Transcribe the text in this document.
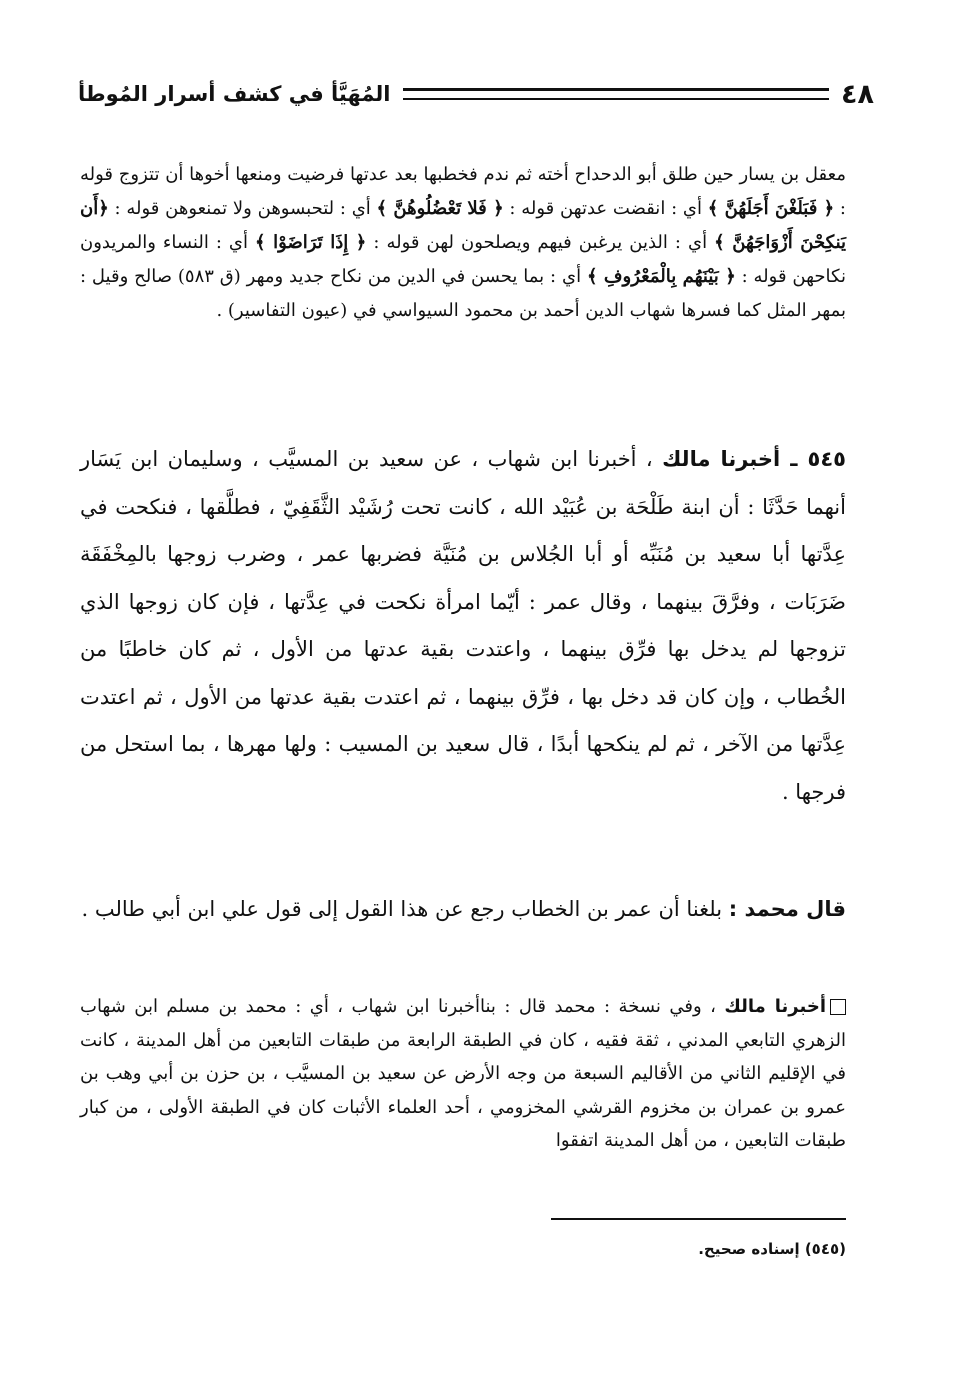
٤٨
المُهَيَّأ في كشف أسرار المُوطأ

معقل بن يسار حين طلق أبو الدحداح أخته ثم ندم فخطبها بعد عدتها فرضيت ومنعها أخوها أن تتزوج قوله : ﴿ فَبَلَغْنَ أَجَلَهُنَّ ﴾ أي : انقضت عدتهن قوله : ﴿ فَلا تَعْضُلُوهُنَّ ﴾ أي : لتحبسوهن ولا تمنعوهن قوله : ﴿أَن يَنكِحْنَ أَزْوَاجَهُنَّ ﴾ أي : الذين يرغبن فيهم ويصلحون لهن قوله : ﴿ إِذَا تَرَاضَوْا ﴾ أي : النساء والمريدون نكاحهن قوله : ﴿ بَيْنَهُم بِالْمَعْرُوفِ ﴾ أي : بما يحسن في الدين من نكاح جديد ومهر (ق ٥٨٣) صالح وقيل : بمهر المثل كما فسرها شهاب الدين أحمد بن محمود السيواسي في (عيون التفاسير) .

٥٤٥ ـ أخبرنا مالك ، أخبرنا ابن شهاب ، عن سعيد بن المسيَّب ، وسليمان ابن يَسَار أنهما حَدَّثَا : أن ابنة طَلْحَة بن عُبَيْد الله ، كانت تحت رُشَيْد الثَّقَفِيّ ، فطلَّقها ، فنكحت في عِدَّتها أبا سعيد بن مُنَبِّه أو أبا الجُلاس بن مُنَيَّة فضربها عمر ، وضرب زوجها بالمِخْفَقَة ضَرَبَات ، وفرَّقَ بينهما ، وقال عمر : أيّما امرأة نكحت في عِدَّتها ، فإن كان زوجها الذي تزوجها لم يدخل بها فرِّق بينهما ، واعتدت بقية عدتها من الأول ، ثم كان خاطبًا من الخُطاب ، وإن كان قد دخل بها ، فرِّق بينهما ، ثم اعتدت بقية عدتها من الأول ، ثم اعتدت عِدَّتها من الآخر ، ثم لم ينكحها أبدًا ، قال سعيد بن المسيب : ولها مهرها ، بما استحل من فرجها .

قال محمد : بلغنا أن عمر بن الخطاب رجع عن هذا القول إلى قول علي ابن أبي طالب .

أخبرنا مالك ، وفي نسخة : محمد قال : بناأخبرنا ابن شهاب ، أي : محمد بن مسلم ابن شهاب الزهري التابعي المدني ، ثقة فقيه ، كان في الطبقة الرابعة من طبقات التابعين من أهل المدينة ، كانت في الإقليم الثاني من الأقاليم السبعة من وجه الأرض عن سعيد بن المسيَّب ، بن حزن بن أبي وهب بن عمرو بن عمران بن مخزوم القرشي المخزومي ، أحد العلماء الأثبات كان في الطبقة الأولى ، من كبار طبقات التابعين ، من أهل المدينة اتفقوا

(٥٤٥) إسناده صحيح.
